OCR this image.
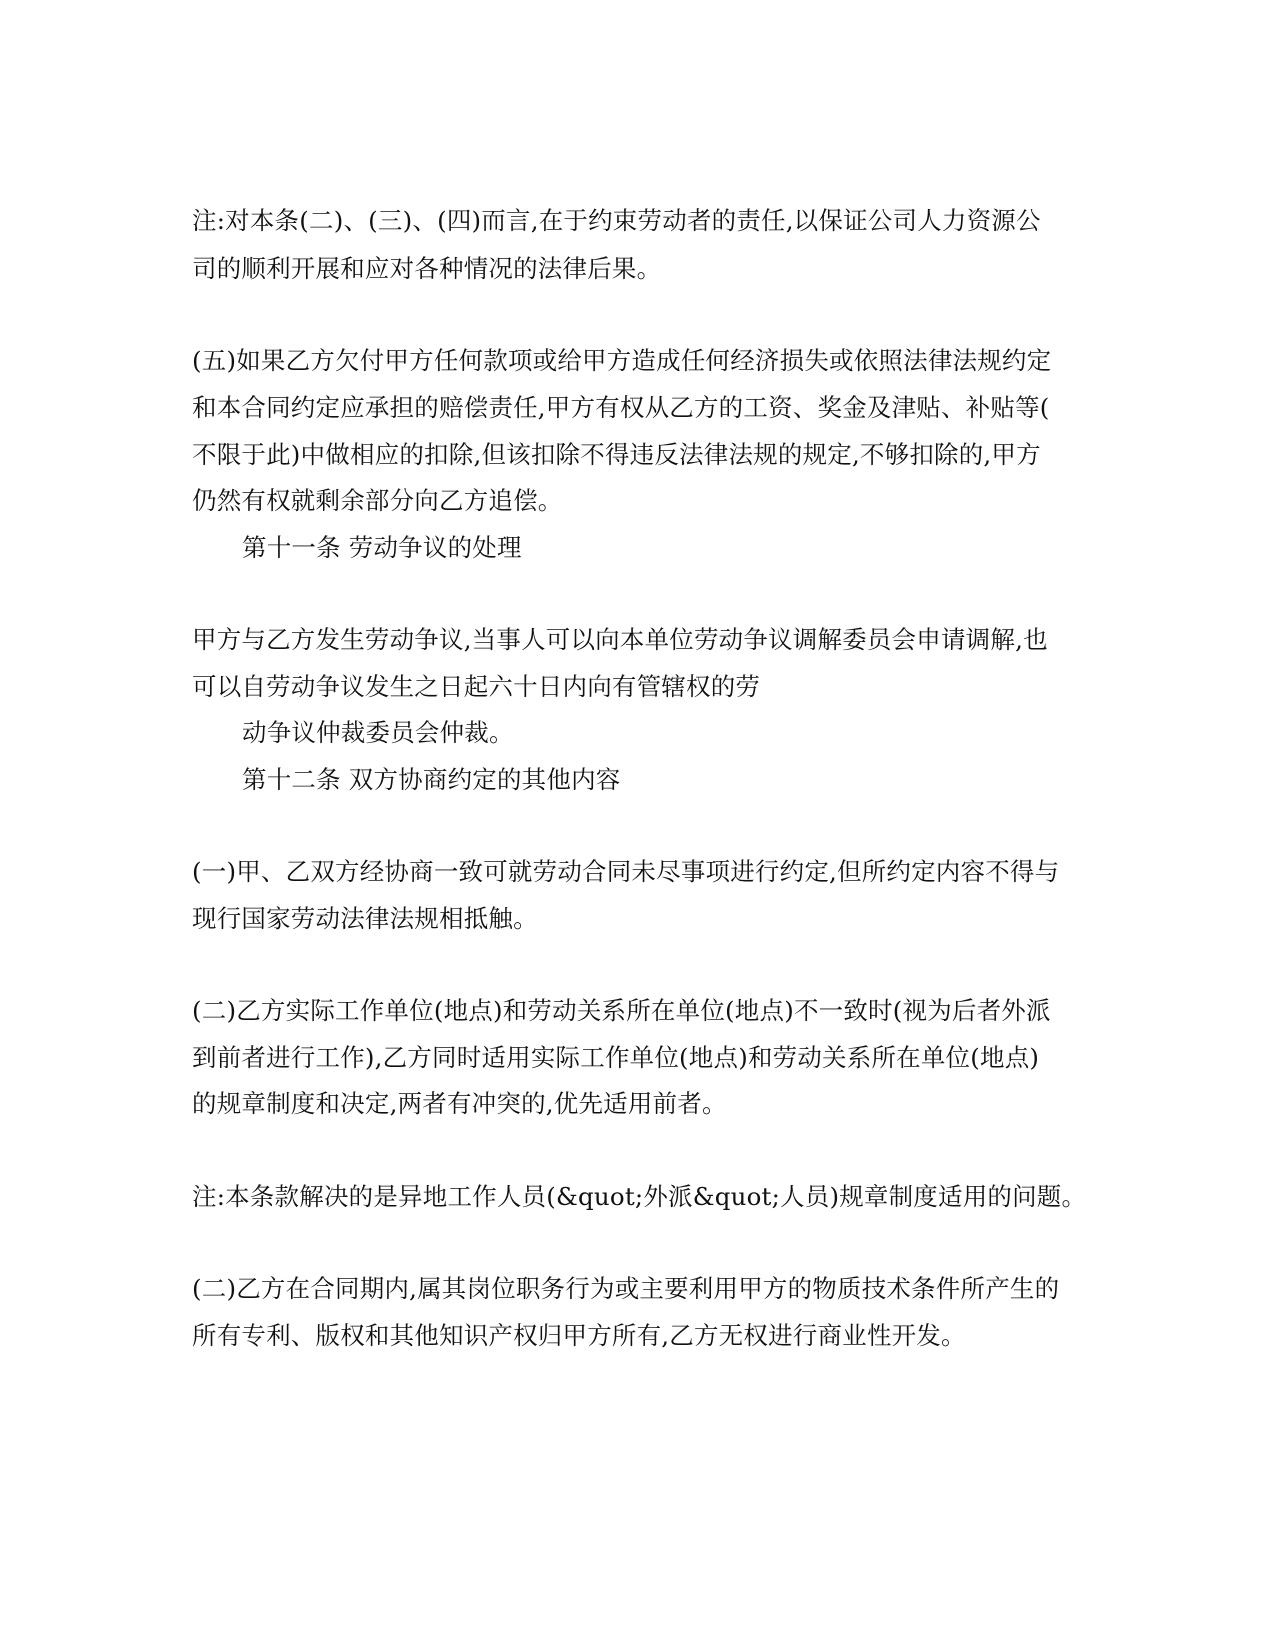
注:对本条(二)、(三)、(四)而言,在于约束劳动者的责任,以保证公司人力资源公
司的顺利开展和应对各种情况的法律后果。
(五)如果乙方欠付甲方任何款项或给甲方造成任何经济损失或依照法律法规约定
和本合同约定应承担的赔偿责任,甲方有权从乙方的工资、奖金及津贴、补贴等(
不限于此)中做相应的扣除,但该扣除不得违反法律法规的规定,不够扣除的,甲方
仍然有权就剩余部分向乙方追偿。
第十一条 劳动争议的处理
甲方与乙方发生劳动争议,当事人可以向本单位劳动争议调解委员会申请调解,也
可以自劳动争议发生之日起六十日内向有管辖权的劳
动争议仲裁委员会仲裁。
第十二条 双方协商约定的其他内容
(一)甲、乙双方经协商一致可就劳动合同未尽事项进行约定,但所约定内容不得与
现行国家劳动法律法规相抵触。
(二)乙方实际工作单位(地点)和劳动关系所在单位(地点)不一致时(视为后者外派
到前者进行工作),乙方同时适用实际工作单位(地点)和劳动关系所在单位(地点)
的规章制度和决定,两者有冲突的,优先适用前者。
注:本条款解决的是异地工作人员(&quot;外派&quot;人员)规章制度适用的问题。
(二)乙方在合同期内,属其岗位职务行为或主要利用甲方的物质技术条件所产生的
所有专利、版权和其他知识产权归甲方所有,乙方无权进行商业性开发。
